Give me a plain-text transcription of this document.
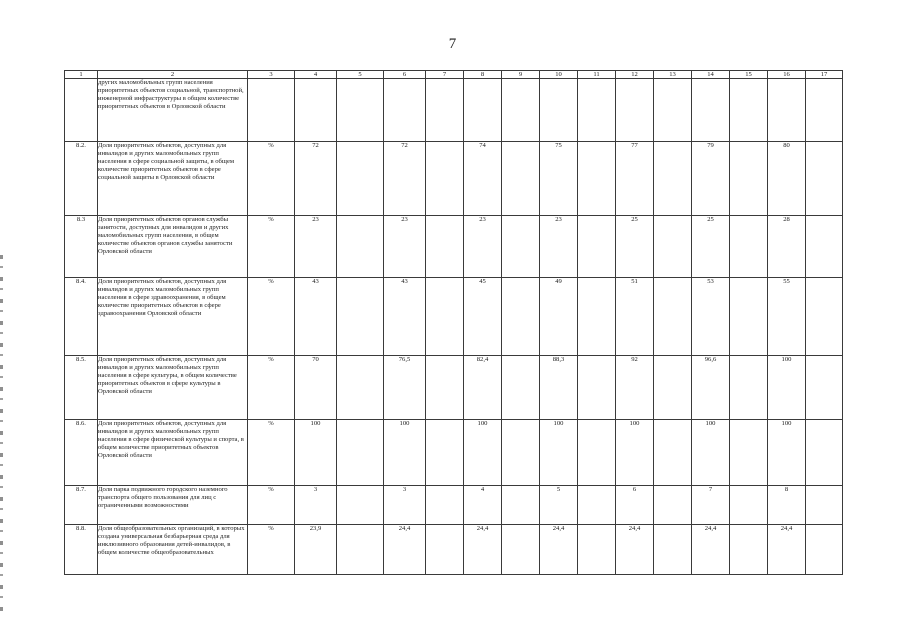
7
1	2	3	4	5	6	7	8	9	10	11	12	13	14	15	16	17
	других маломобильных групп населения приоритетных объектов социальной, транспортной, инженерной инфраструктуры в общем количестве приоритетных объектов в Орловской области															
8.2.	Доля приоритетных объектов, доступных для инвалидов и других маломобильных групп населения в сфере социальной защиты, в общем количестве приоритетных объектов в сфере социальной защиты в Орловской области	%	72		72		74		75		77		79		80	
8.3	Доля приоритетных объектов органов службы занятости, доступных для инвалидов и других маломобильных групп населения, в общем количестве объектов органов службы занятости Орловской области	%	23		23		23		23		25		25		28	
8.4.	Доля приоритетных объектов, доступных для инвалидов и других маломобильных групп населения в сфере здравоохранения, в общем количестве приоритетных объектов в сфере здравоохранения Орловской области	%	43		43		45		49		51		53		55	
8.5.	Доля приоритетных объектов, доступных для инвалидов и других маломобильных групп населения в сфере культуры, в общем количестве приоритетных объектов в сфере культуры в Орловской области	%	70		76,5		82,4		88,3		92		96,6		100	
8.6.	Доля приоритетных объектов, доступных для инвалидов и других маломобильных групп населения в сфере физической культуры и спорта, в общем количестве приоритетных объектов Орловской области	%	100		100		100		100		100		100		100	
8.7.	Доля парка подвижного городского наземного транспорта общего пользования для лиц с ограниченными возможностями	%	3		3		4		5		6		7		8	
8.8.	Доля общеобразовательных организаций, в которых создана универсальная безбарьерная среда для инклюзивного образования детей-инвалидов, в общем количестве общеобразовательных	%	23,9		24,4		24,4		24,4		24,4		24,4		24,4	
